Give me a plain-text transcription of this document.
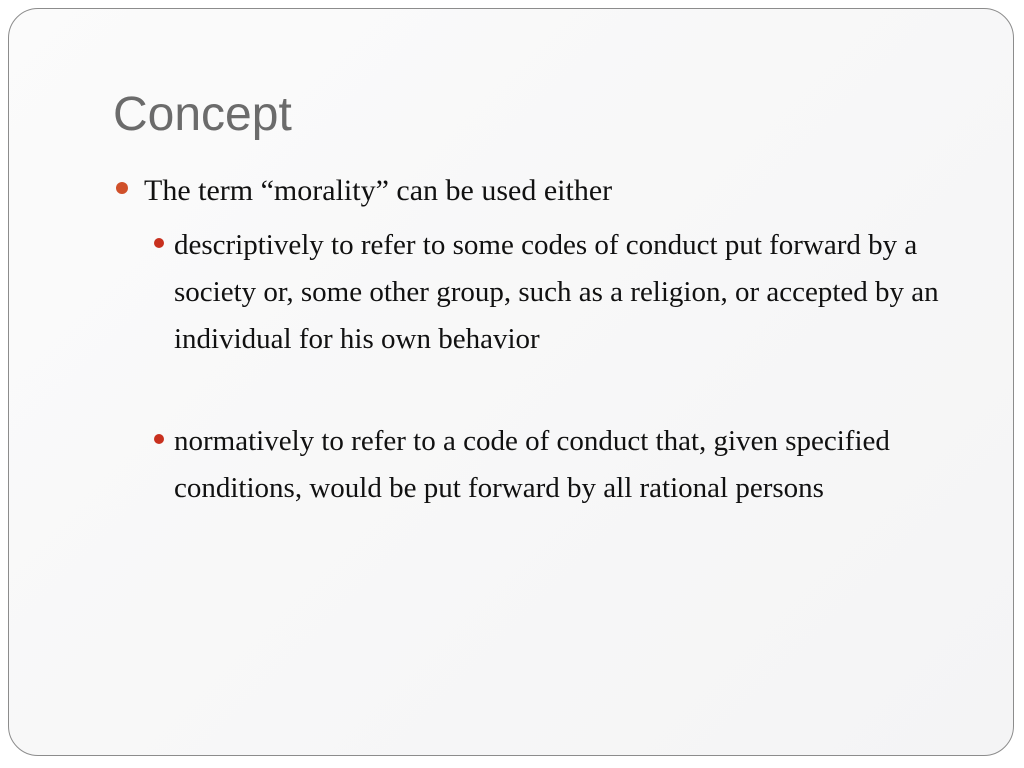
Concept
The term “morality” can be used either
descriptively to refer to some codes of conduct put forward by a society or, some other group, such as a religion, or accepted by an individual for his own behavior
normatively to refer to a code of conduct that, given specified conditions, would be put forward by all rational persons
